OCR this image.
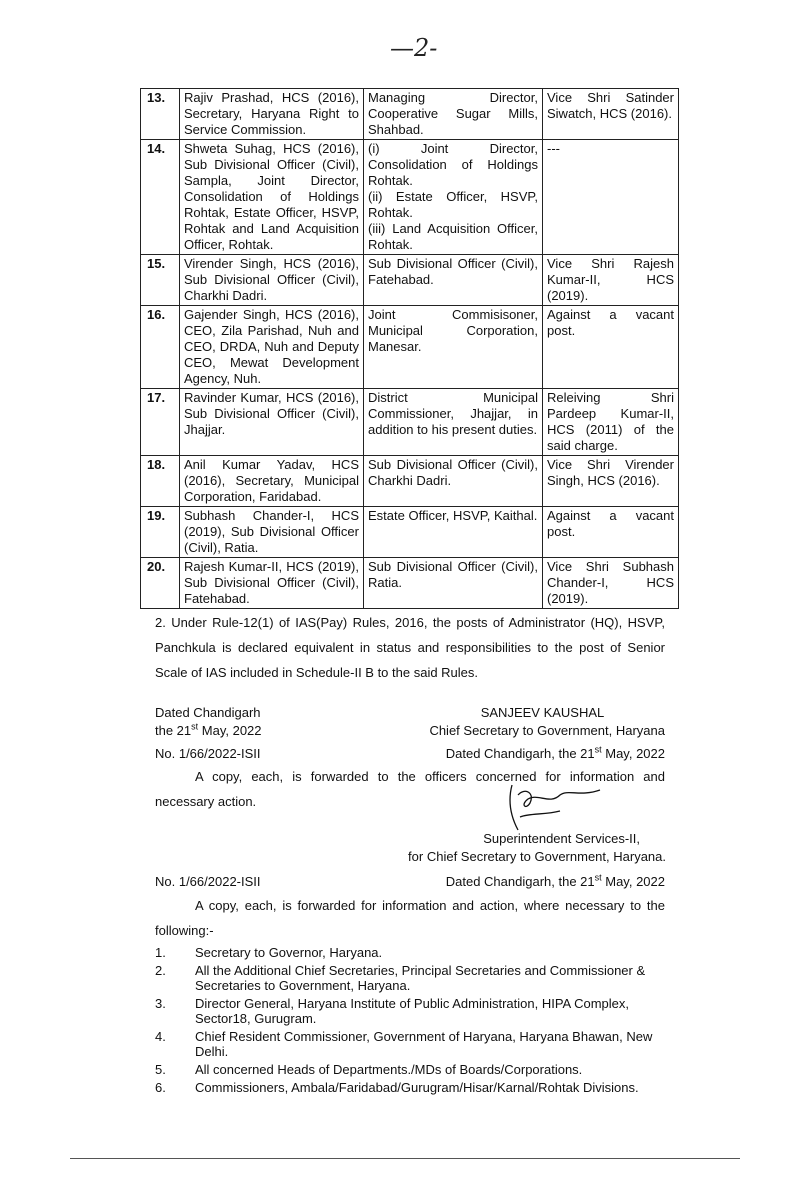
—2-
13.	Rajiv Prashad, HCS (2016), Secretary, Haryana Right to Service Commission.	Managing Director, Cooperative Sugar Mills, Shahbad.	Vice Shri Satinder Siwatch, HCS (2016).
14.	Shweta Suhag, HCS (2016), Sub Divisional Officer (Civil), Sampla, Joint Director, Consolidation of Holdings Rohtak, Estate Officer, HSVP, Rohtak and Land Acquisition Officer, Rohtak.	(i) Joint Director, Consolidation of Holdings Rohtak.
(ii) Estate Officer, HSVP, Rohtak.
(iii) Land Acquisition Officer, Rohtak.	---
15.	Virender Singh, HCS (2016), Sub Divisional Officer (Civil), Charkhi Dadri.	Sub Divisional Officer (Civil), Fatehabad.	Vice Shri Rajesh Kumar-II, HCS (2019).
16.	Gajender Singh, HCS (2016), CEO, Zila Parishad, Nuh and CEO, DRDA, Nuh and Deputy CEO, Mewat Development Agency, Nuh.	Joint Commisisoner, Municipal Corporation, Manesar.	Against a vacant post.
17.	Ravinder Kumar, HCS (2016), Sub Divisional Officer (Civil), Jhajjar.	District Municipal Commissioner, Jhajjar, in addition to his present duties.	Releiving Shri Pardeep Kumar-II, HCS (2011) of the said charge.
18.	Anil Kumar Yadav, HCS (2016), Secretary, Municipal Corporation, Faridabad.	Sub Divisional Officer (Civil), Charkhi Dadri.	Vice Shri Virender Singh, HCS (2016).
19.	Subhash Chander-I, HCS (2019), Sub Divisional Officer (Civil), Ratia.	Estate Officer, HSVP, Kaithal.	Against a vacant post.
20.	Rajesh Kumar-II, HCS (2019), Sub Divisional Officer (Civil), Fatehabad.	Sub Divisional Officer (Civil), Ratia.	Vice Shri Subhash Chander-I, HCS (2019).
2. Under Rule-12(1) of IAS(Pay) Rules, 2016, the posts of Administrator (HQ), HSVP, Panchkula is declared equivalent in status and responsibilities to the post of Senior Scale of IAS included in Schedule-II B to the said Rules.
Dated Chandigarh
the 21st May, 2022
SANJEEV KAUSHAL
Chief Secretary to Government, Haryana
No. 1/66/2022-ISII	Dated Chandigarh, the 21st May, 2022
A copy, each, is forwarded to the officers concerned for information and necessary action.
Superintendent Services-II,
for Chief Secretary to Government, Haryana.
No. 1/66/2022-ISII	Dated Chandigarh, the 21st May, 2022
A copy, each, is forwarded for information and action, where necessary to the following:-
1. Secretary to Governor, Haryana.
2. All the Additional Chief Secretaries, Principal Secretaries and Commissioner & Secretaries to Government, Haryana.
3. Director General, Haryana Institute of Public Administration, HIPA Complex, Sector18, Gurugram.
4. Chief Resident Commissioner, Government of Haryana, Haryana Bhawan, New Delhi.
5. All concerned Heads of Departments./MDs of Boards/Corporations.
6. Commissioners, Ambala/Faridabad/Gurugram/Hisar/Karnal/Rohtak Divisions.
